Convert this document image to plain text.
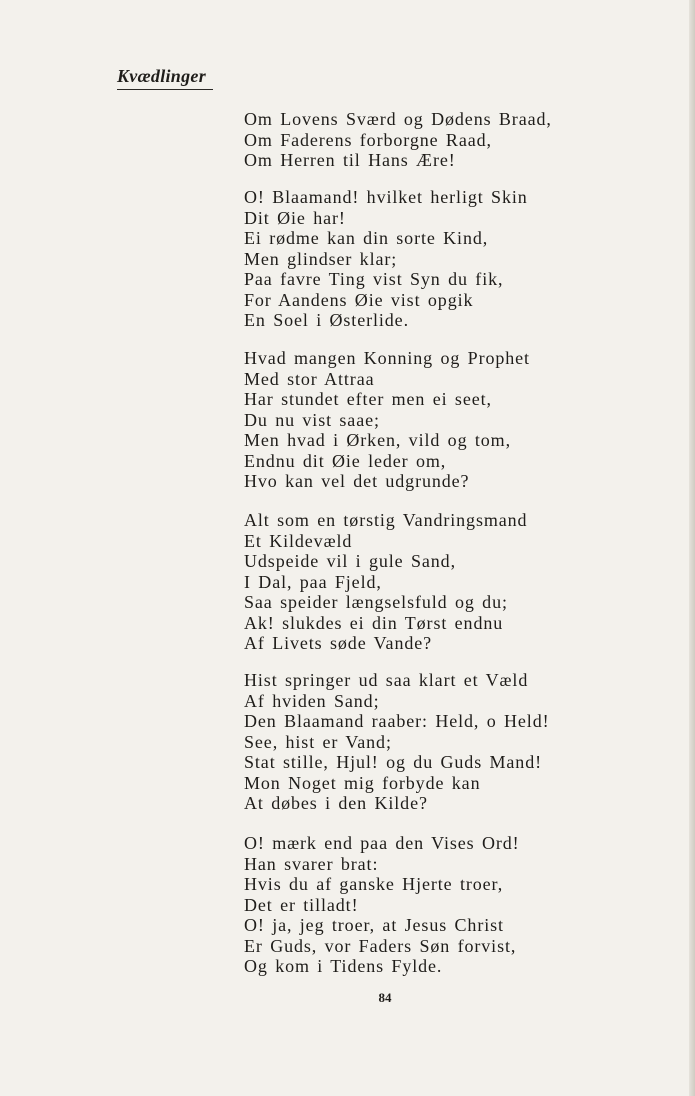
Kvædlinger
Om Lovens Sværd og Dødens Braad,
Om Faderens forborgne Raad,
Om Herren til Hans Ære!
O! Blaamand! hvilket herligt Skin
Dit Øie har!
Ei rødme kan din sorte Kind,
Men glindser klar;
Paa favre Ting vist Syn du fik,
For Aandens Øie vist opgik
En Soel i Østerlide.
Hvad mangen Konning og Prophet
Med stor Attraa
Har stundet efter men ei seet,
Du nu vist saae;
Men hvad i Ørken, vild og tom,
Endnu dit Øie leder om,
Hvo kan vel det udgrunde?
Alt som en tørstig Vandringsmand
Et Kildevæld
Udspeide vil i gule Sand,
I Dal, paa Fjeld,
Saa speider længselsfuld og du;
Ak! slukdes ei din Tørst endnu
Af Livets søde Vande?
Hist springer ud saa klart et Væld
Af hviden Sand;
Den Blaamand raaber: Held, o Held!
See, hist er Vand;
Stat stille, Hjul! og du Guds Mand!
Mon Noget mig forbyde kan
At døbes i den Kilde?
O! mærk end paa den Vises Ord!
Han svarer brat:
Hvis du af ganske Hjerte troer,
Det er tilladt!
O! ja, jeg troer, at Jesus Christ
Er Guds, vor Faders Søn forvist,
Og kom i Tidens Fylde.
84
